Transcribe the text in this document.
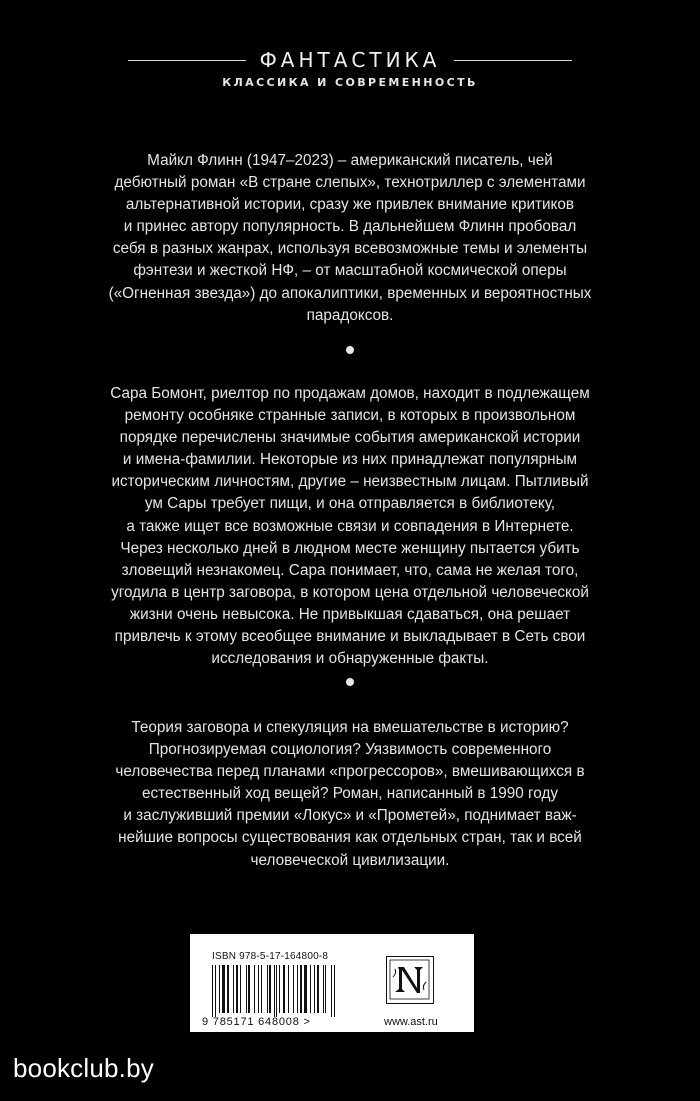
ФАНТАСТИКА
КЛАССИКА И СОВРЕМЕННОСТЬ
Майкл Флинн (1947–2023) – американский писатель, чей
дебютный роман «В стране слепых», технотриллер с элементами
альтернативной истории, сразу же привлек внимание критиков
и принес автору популярность. В дальнейшем Флинн пробовал
себя в разных жанрах, используя всевозможные темы и элементы
фэнтези и жесткой НФ, – от масштабной космической оперы
(«Огненная звезда») до апокалиптики, временных и вероятностных
парадоксов.
Сара Бомонт, риелтор по продажам домов, находит в подлежащем
ремонту особняке странные записи, в которых в произвольном
порядке перечислены значимые события американской истории
и имена-фамилии. Некоторые из них принадлежат популярным
историческим личностям, другие – неизвестным лицам. Пытливый
ум Сары требует пищи, и она отправляется в библиотеку,
а также ищет все возможные связи и совпадения в Интернете.
Через несколько дней в людном месте женщину пытается убить
зловещий незнакомец. Сара понимает, что, сама не желая того,
угодила в центр заговора, в котором цена отдельной человеческой
жизни очень невысока. Не привыкшая сдаваться, она решает
привлечь к этому всеобщее внимание и выкладывает в Сеть свои
исследования и обнаруженные факты.
Теория заговора и спекуляция на вмешательстве в историю?
Прогнозируемая социология? Уязвимость современного
человечества перед планами «прогрессоров», вмешивающихся в
естественный ход вещей? Роман, написанный в 1990 году
и заслуживший премии «Локус» и «Прометей», поднимает важ-
нейшие вопросы существования как отдельных стран, так и всей
человеческой цивилизации.
ISBN 978-5-17-164800-8
9 785171 648008 >	www.ast.ru
bookclub.by
